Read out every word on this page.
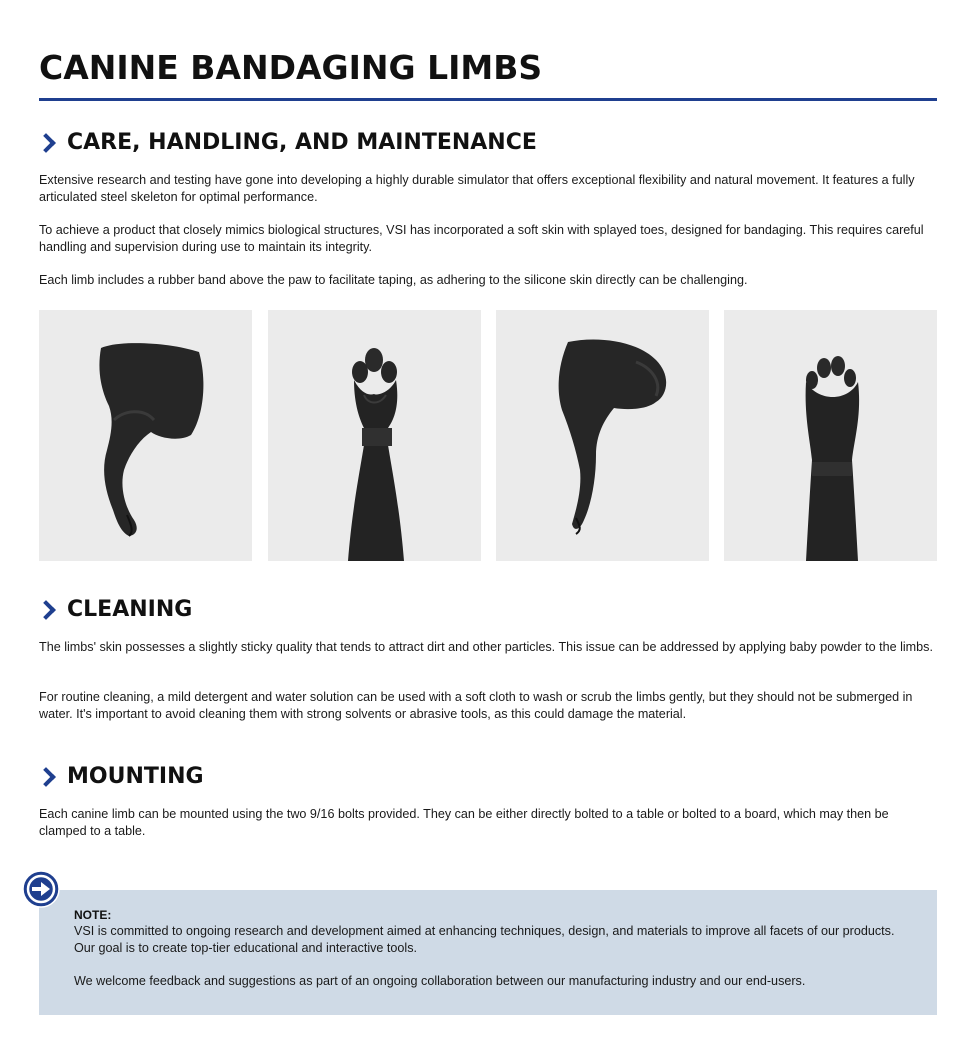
CANINE BANDAGING LIMBS
CARE, HANDLING, AND MAINTENANCE

Extensive research and testing have gone into developing a highly durable simulator that offers exceptional flexibility and natural movement. It features a fully articulated steel skeleton for optimal performance.

To achieve a product that closely mimics biological structures, VSI has incorporated a soft skin with splayed toes, designed for bandaging. This requires careful handling and supervision during use to maintain its integrity.

Each limb includes a rubber band above the paw to facilitate taping, as adhering to the silicone skin directly can be challenging.

CLEANING

The limbs' skin possesses a slightly sticky quality that tends to attract dirt and other particles. This issue can be addressed by applying baby powder to the limbs.

For routine cleaning, a mild detergent and water solution can be used with a soft cloth to wash or scrub the limbs gently, but they should not be submerged in water. It's important to avoid cleaning them with strong solvents or abrasive tools, as this could damage the material.

MOUNTING

Each canine limb can be mounted using the two 9/16 bolts provided. They can be either directly bolted to a table or bolted to a board, which may then be clamped to a table.

NOTE:

VSI is committed to ongoing research and development aimed at enhancing techniques, design, and materials to improve all facets of our products. Our goal is to create top-tier educational and interactive tools.

We welcome feedback and suggestions as part of an ongoing collaboration between our manufacturing industry and our end-users.
